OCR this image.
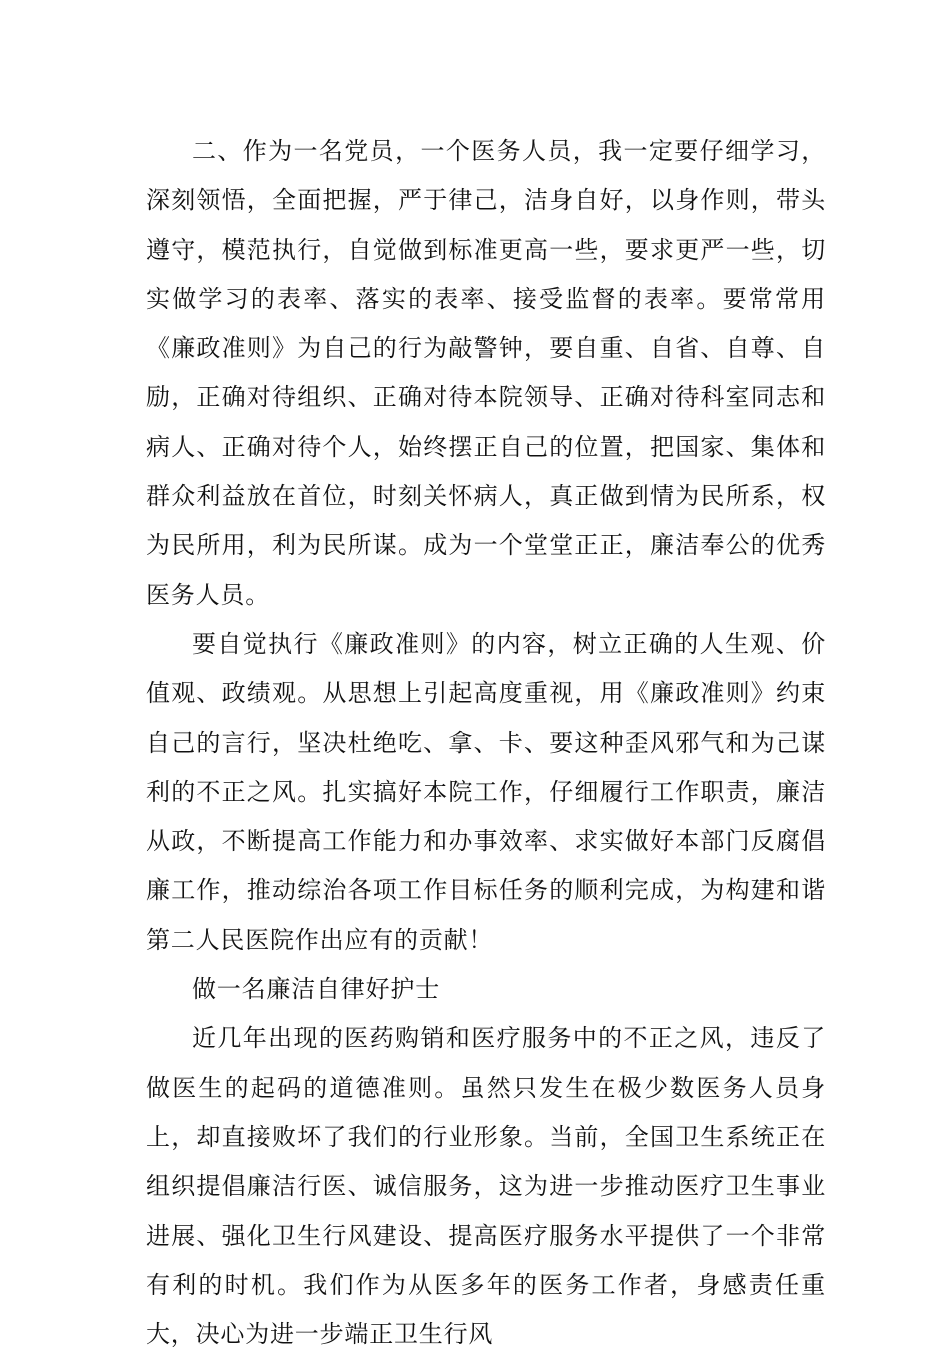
二、作为一名党员，一个医务人员，我一定要仔细学习，深刻领悟，全面把握，严于律己，洁身自好，以身作则，带头遵守，模范执行，自觉做到标准更高一些，要求更严一些，切实做学习的表率、落实的表率、接受监督的表率。要常常用《廉政准则》为自己的行为敲警钟，要自重、自省、自尊、自励，正确对待组织、正确对待本院领导、正确对待科室同志和病人、正确对待个人，始终摆正自己的位置，把国家、集体和群众利益放在首位，时刻关怀病人，真正做到情为民所系，权为民所用，利为民所谋。成为一个堂堂正正，廉洁奉公的优秀医务人员。

要自觉执行《廉政准则》的内容，树立正确的人生观、价值观、政绩观。从思想上引起高度重视，用《廉政准则》约束自己的言行，坚决杜绝吃、拿、卡、要这种歪风邪气和为己谋利的不正之风。扎实搞好本院工作，仔细履行工作职责，廉洁从政，不断提高工作能力和办事效率、求实做好本部门反腐倡廉工作，推动综治各项工作目标任务的顺利完成，为构建和谐第二人民医院作出应有的贡献！

做一名廉洁自律好护士

近几年出现的医药购销和医疗服务中的不正之风，违反了做医生的起码的道德准则。虽然只发生在极少数医务人员身上，却直接败坏了我们的行业形象。当前，全国卫生系统正在组织提倡廉洁行医、诚信服务，这为进一步推动医疗卫生事业进展、强化卫生行风建设、提高医疗服务水平提供了一个非常有利的时机。我们作为从医多年的医务工作者，身感责任重大，决心为进一步端正卫生行风
